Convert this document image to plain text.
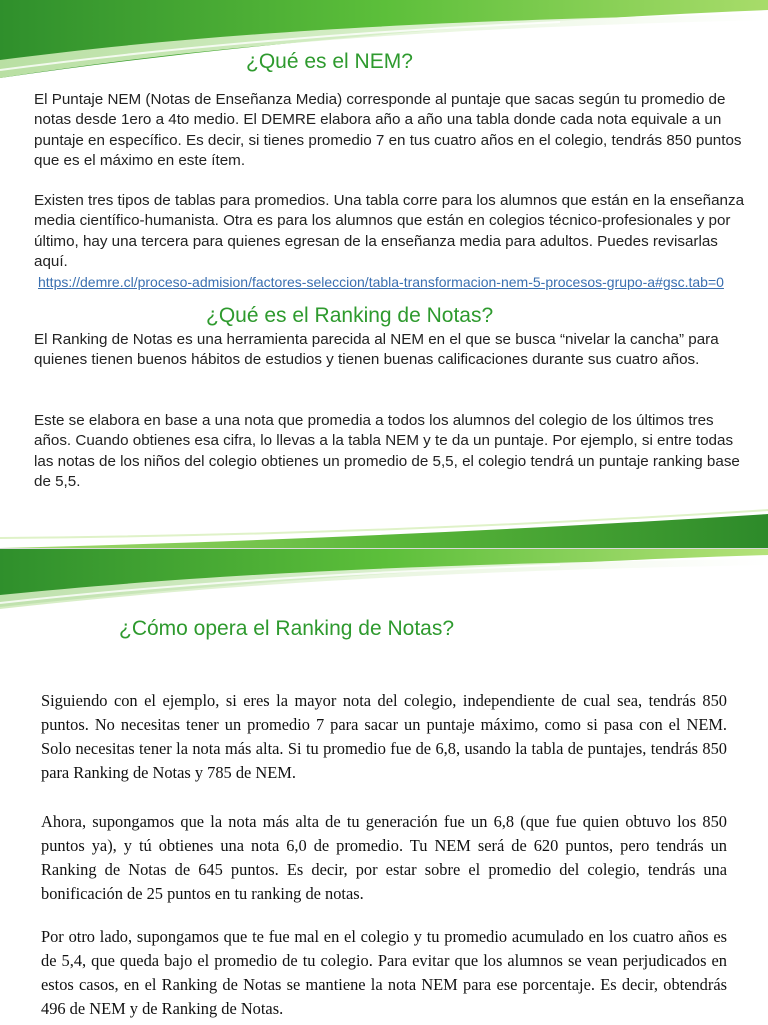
¿Qué es el NEM?
El Puntaje NEM (Notas de Enseñanza Media) corresponde al puntaje que sacas según tu promedio de notas desde 1ero a 4to medio. El DEMRE elabora año a año una tabla donde cada nota equivale a un puntaje en específico. Es decir, si tienes promedio 7 en tus cuatro años en el colegio, tendrás 850 puntos que es el máximo en este ítem.
Existen tres tipos de tablas para promedios. Una tabla corre para los alumnos que están en la enseñanza media científico-humanista. Otra es para los alumnos que están en colegios técnico-profesionales y por último, hay una tercera para quienes egresan de la enseñanza media para adultos. Puedes revisarlas aquí.
https://demre.cl/proceso-admision/factores-seleccion/tabla-transformacion-nem-5-procesos-grupo-a#gsc.tab=0
¿Qué es el Ranking de Notas?
El Ranking de Notas es una herramienta parecida al NEM en el que se busca “nivelar la cancha” para quienes tienen buenos hábitos de estudios y tienen buenas calificaciones durante sus cuatro años.
Este se elabora en base a una nota que promedia a todos los alumnos del colegio de los últimos tres años. Cuando obtienes esa cifra, lo llevas a la tabla NEM y te da un puntaje. Por ejemplo, si entre todas las notas de los niños del colegio obtienes un promedio de 5,5, el colegio tendrá un puntaje ranking base de 5,5.
¿Cómo opera el Ranking de Notas?
Siguiendo con el ejemplo, si eres la mayor nota del colegio, independiente de cual sea, tendrás 850 puntos. No necesitas tener un promedio 7 para sacar un puntaje máximo, como si pasa con el NEM. Solo necesitas tener la nota más alta. Si tu promedio fue de 6,8, usando la tabla de puntajes, tendrás 850 para Ranking de Notas y 785 de NEM.
Ahora, supongamos que la nota más alta de tu generación fue un 6,8 (que fue quien obtuvo los 850 puntos ya), y tú obtienes una nota 6,0 de promedio. Tu NEM será de 620 puntos, pero tendrás un Ranking de Notas de 645 puntos. Es decir, por estar sobre el promedio del colegio, tendrás una bonificación de 25 puntos en tu ranking de notas.
Por otro lado, supongamos que te fue mal en el colegio y tu promedio acumulado en los cuatro años es de 5,4, que queda bajo el promedio de tu colegio. Para evitar que los alumnos se vean perjudicados en estos casos, en el Ranking de Notas se mantiene la nota NEM para ese porcentaje. Es decir, obtendrás 496 de NEM y de Ranking de Notas.
